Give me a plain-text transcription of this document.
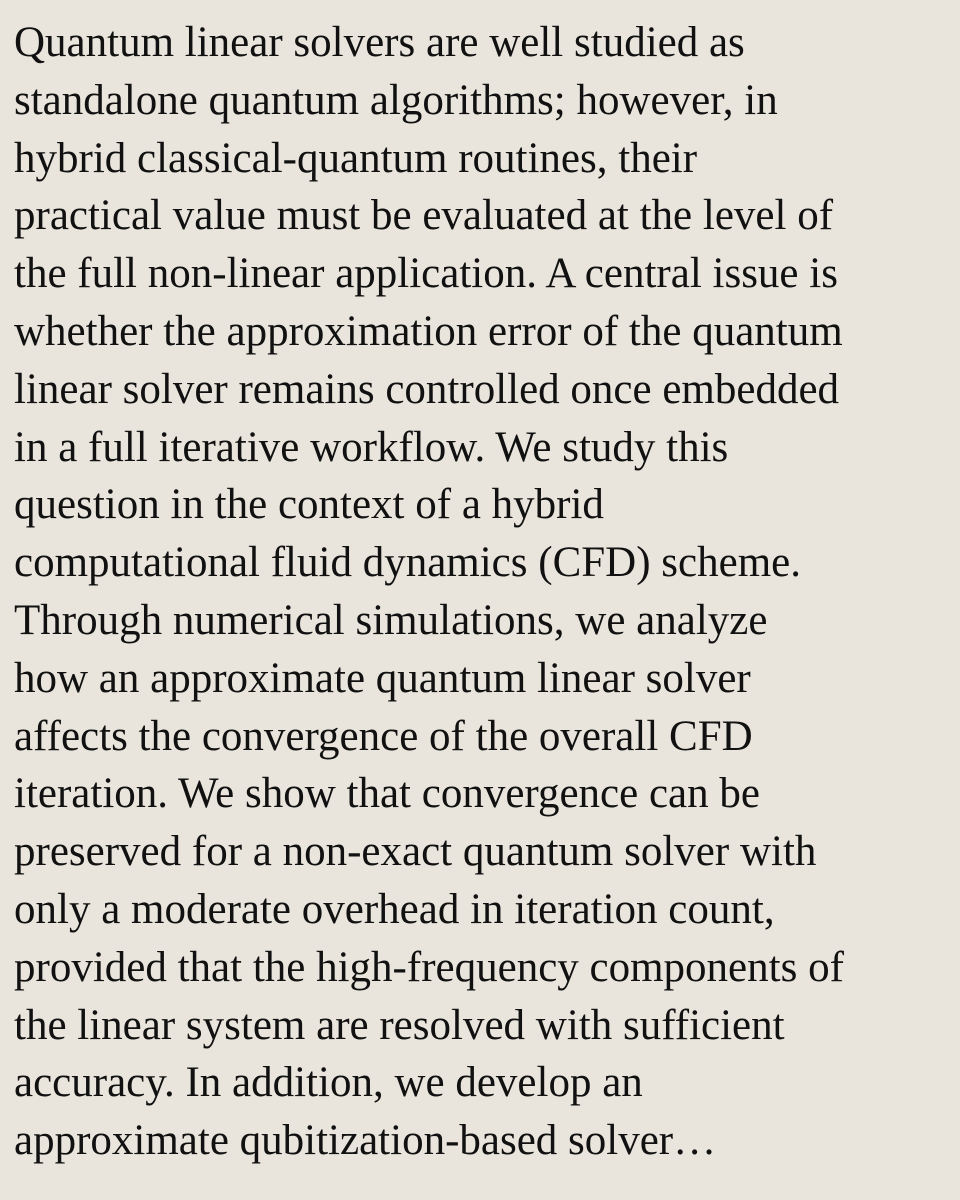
Quantum linear solvers are well studied as
standalone quantum algorithms; however, in
hybrid classical-quantum routines, their
practical value must be evaluated at the level of
the full non-linear application. A central issue is
whether the approximation error of the quantum
linear solver remains controlled once embedded
in a full iterative workflow. We study this
question in the context of a hybrid
computational fluid dynamics (CFD) scheme.
Through numerical simulations, we analyze
how an approximate quantum linear solver
affects the convergence of the overall CFD
iteration. We show that convergence can be
preserved for a non-exact quantum solver with
only a moderate overhead in iteration count,
provided that the high-frequency components of
the linear system are resolved with sufficient
accuracy. In addition, we develop an
approximate qubitization-based solver…
